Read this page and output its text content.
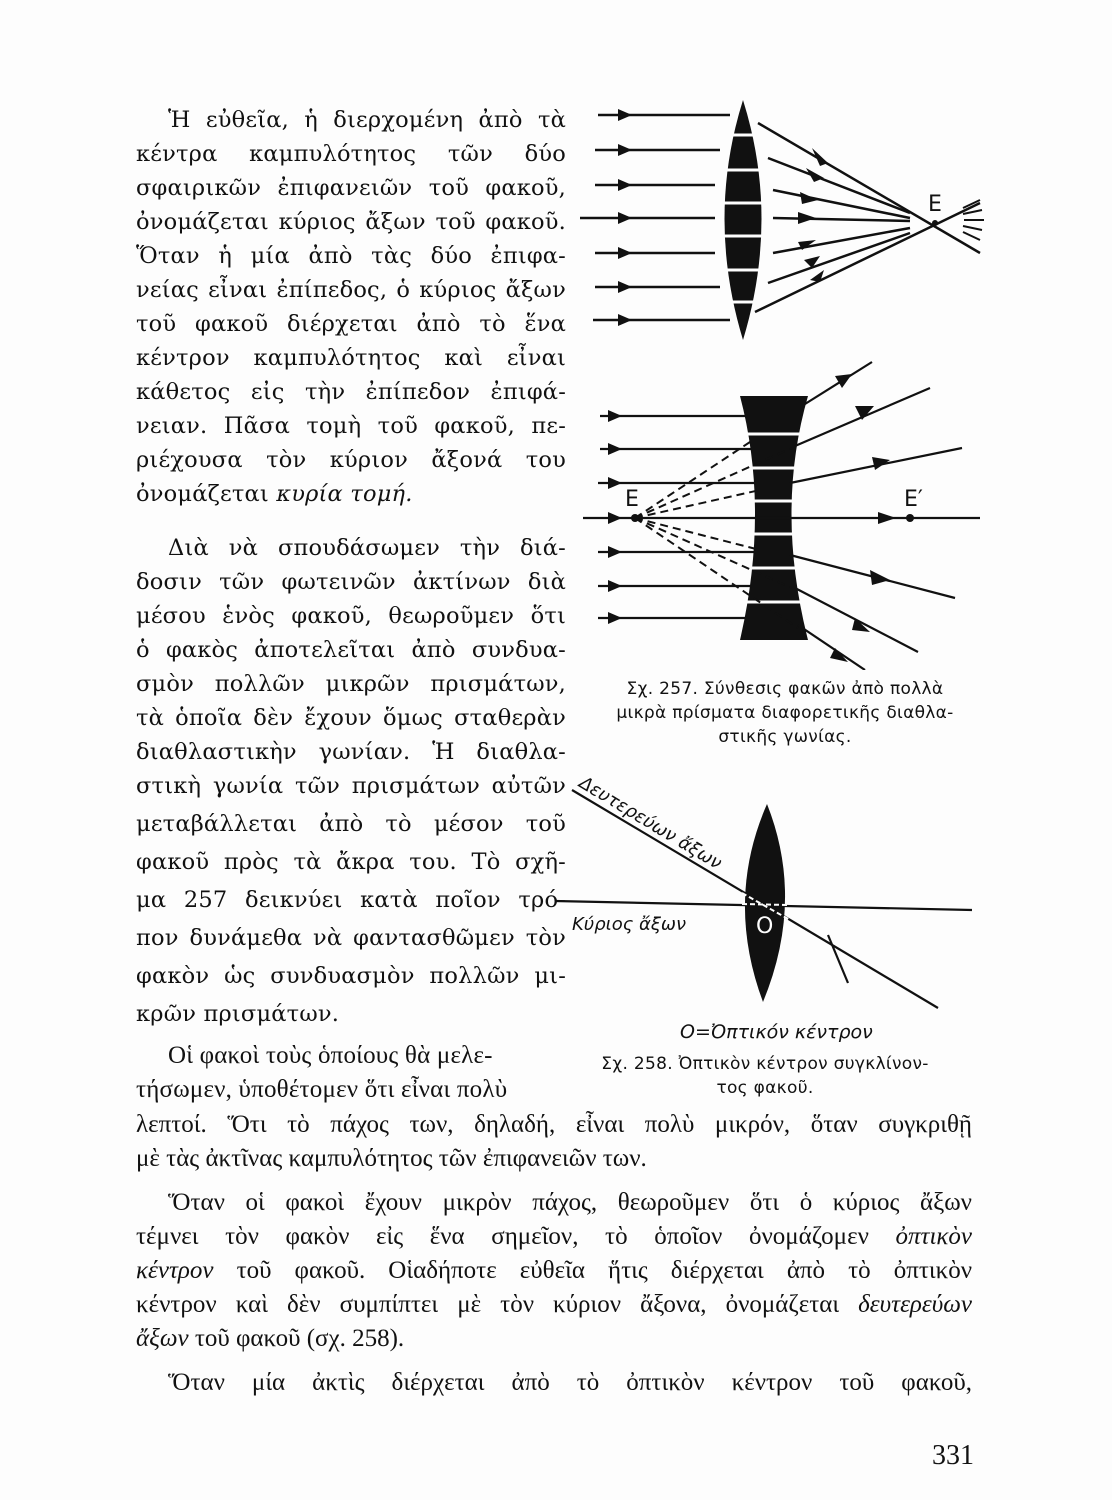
Ἡ εὐθεῖα, ἡ διερχομένη ἀπὸ τὰ
κέντρα καμπυλότητος τῶν δύο
σφαιρικῶν ἐπιφανειῶν τοῦ φακοῦ,
ὀνομάζεται κύριος ἄξων τοῦ φακοῦ.
Ὅταν ἡ μία ἀπὸ τὰς δύο ἐπιφα-
νείας εἶναι ἐπίπεδος, ὁ κύριος ἄξων
τοῦ φακοῦ διέρχεται ἀπὸ τὸ ἕνα
κέντρον καμπυλότητος καὶ εἶναι
κάθετος εἰς τὴν ἐπίπεδον ἐπιφά-
νειαν. Πᾶσα τομὴ τοῦ φακοῦ, πε-
ριέχουσα τὸν κύριον ἄξονά του
ὀνομάζεται κυρία τομή.
Διὰ νὰ σπουδάσωμεν τὴν διά-
δοσιν τῶν φωτεινῶν ἀκτίνων διὰ
μέσου ἑνὸς φακοῦ, θεωροῦμεν ὅτι
ὁ φακὸς ἀποτελεῖται ἀπὸ συνδυα-
σμὸν πολλῶν μικρῶν πρισμάτων,
τὰ ὁποῖα δὲν ἔχουν ὅμως σταθερὰν
διαθλαστικὴν γωνίαν. Ἡ διαθλα-
στικὴ γωνία τῶν πρισμάτων αὐτῶν
μεταβάλλεται ἀπὸ τὸ μέσον τοῦ
φακοῦ πρὸς τὰ ἄκρα του. Τὸ σχῆ-
μα 257 δεικνύει κατὰ ποῖον τρό-
πον δυνάμεθα νὰ φαντασθῶμεν τὸν
φακὸν ὡς συνδυασμὸν πολλῶν μι-
κρῶν πρισμάτων.
Οἱ φακοὶ τοὺς ὁποίους θὰ μελε-
τήσωμεν, ὑποθέτομεν ὅτι εἶναι πολὺ
λεπτοί. Ὅτι τὸ πάχος των, δηλαδή, εἶναι πολὺ μικρόν, ὅταν συγκριθῇ
μὲ τὰς ἀκτῖνας καμπυλότητος τῶν ἐπιφανειῶν των.
Ὅταν οἱ φακοὶ ἔχουν μικρὸν πάχος, θεωροῦμεν ὅτι ὁ κύριος ἄξων
τέμνει τὸν φακὸν εἰς ἕνα σημεῖον, τὸ ὁποῖον ὀνομάζομεν ὀπτικὸν
κέντρον τοῦ φακοῦ. Οἱαδήποτε εὐθεῖα ἥτις διέρχεται ἀπὸ τὸ ὀπτικὸν
κέντρον καὶ δὲν συμπίπτει μὲ τὸν κύριον ἄξονα, ὀνομάζεται δευτερεύων
ἄξων τοῦ φακοῦ (σχ. 258).
Ὅταν μία ἀκτὶς διέρχεται ἀπὸ τὸ ὀπτικὸν κέντρον τοῦ φακοῦ,
E
E	E′
Σχ. 257. Σύνθεσις φακῶν ἀπὸ πολλὰ
μικρὰ πρίσματα διαφορετικῆς διαθλα-
στικῆς γωνίας.
Δευτερεύων ἄξων
Κύριος ἄξων	O
O=Ὀπτικόν κέντρον
Σχ. 258. Ὀπτικὸν κέντρον συγκλίνον-
τος φακοῦ.
331
